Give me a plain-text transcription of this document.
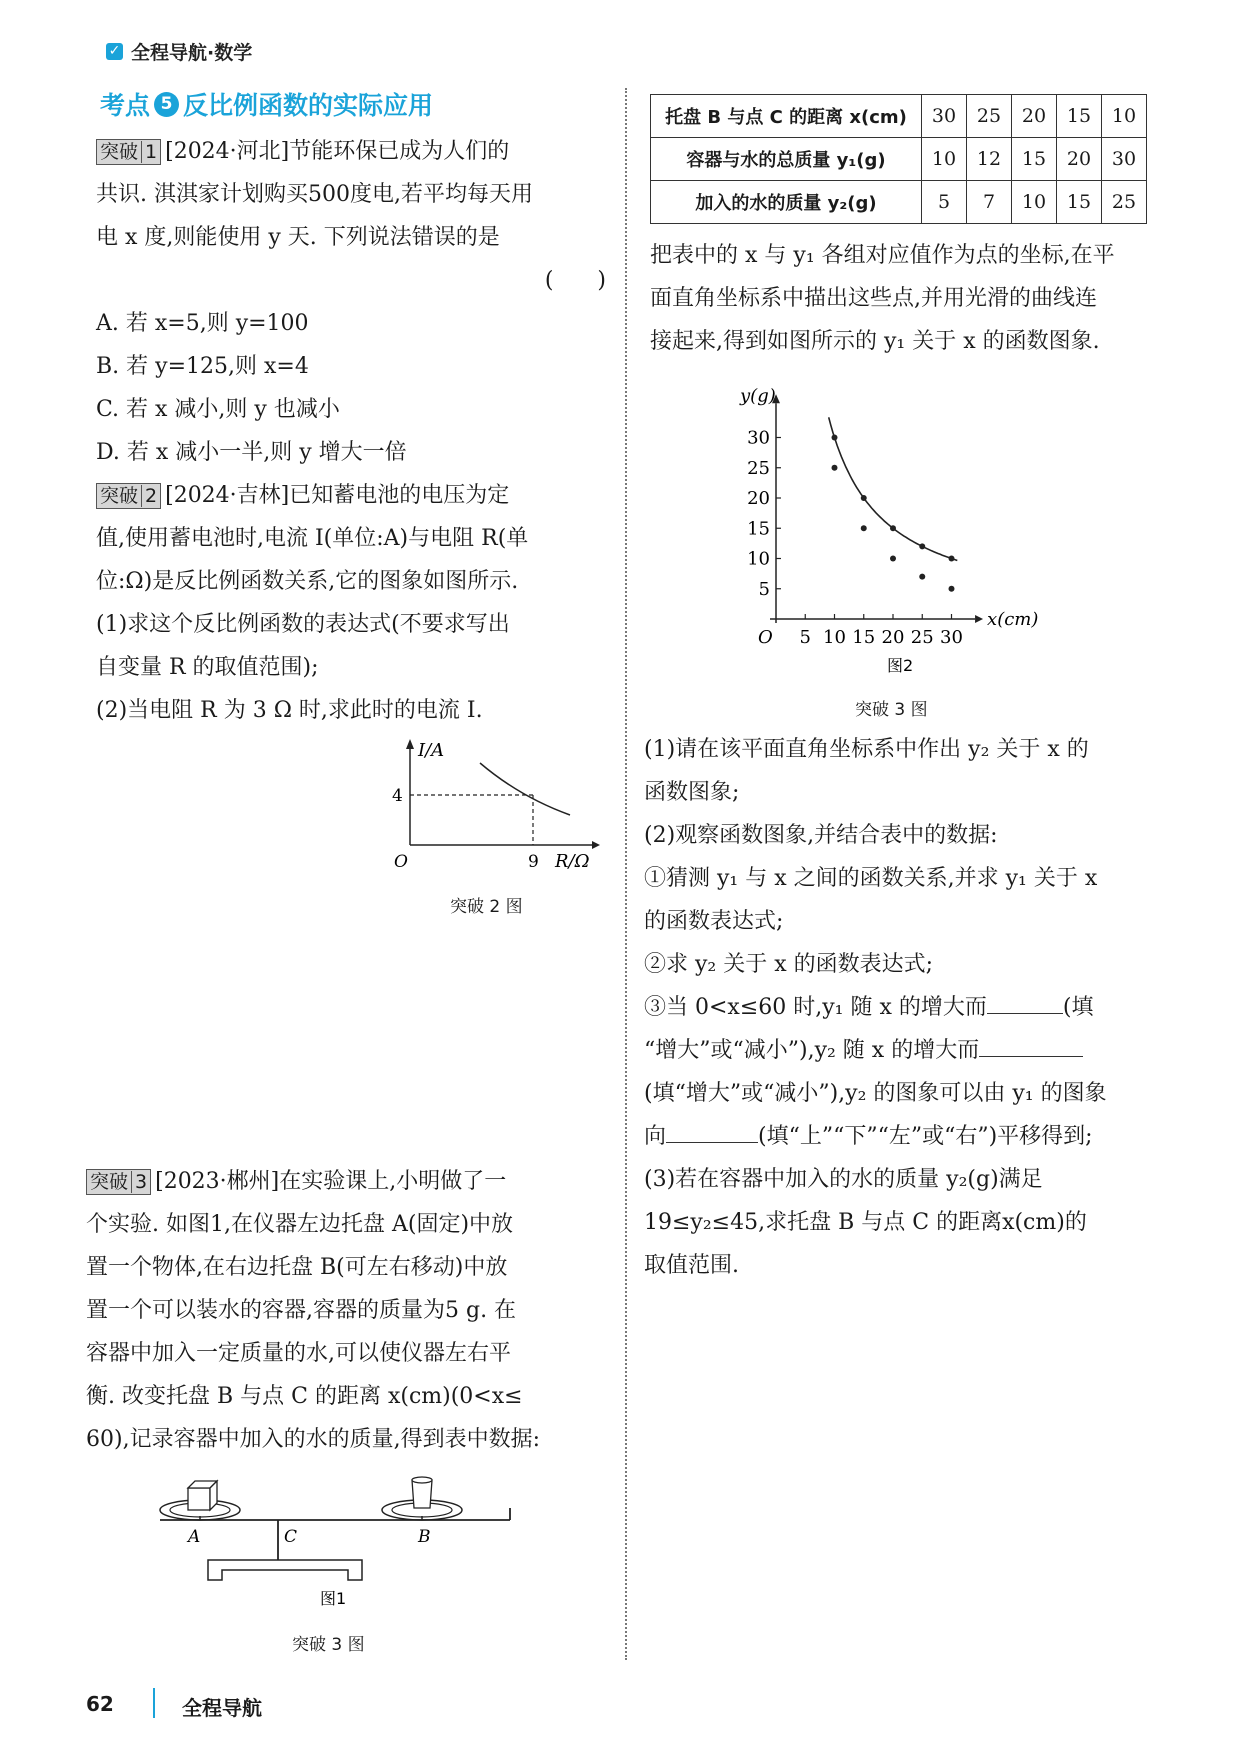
✓ 全程导航·数学
考点 5 反比例函数的实际应用

突破 1 [2024·河北]节能环保已成为人们的

共识. 淇淇家计划购买500度电,若平均每天用

电 x 度,则能使用 y 天. 下列说法错误的是

(　　)

A. 若 x=5,则 y=100

B. 若 y=125,则 x=4

C. 若 x 减小,则 y 也减小

D. 若 x 减小一半,则 y 增大一倍

突破 2 [2024·吉林]已知蓄电池的电压为定

值,使用蓄电池时,电流 I(单位:A)与电阻 R(单

位:Ω)是反比例函数关系,它的图象如图所示.

(1)求这个反比例函数的表达式(不要求写出

自变量 R 的取值范围);

(2)当电阻 R 为 3 Ω 时,求此时的电流 I.

I/A
4
O	9 R/Ω
突破 2 图

突破 3 [2023·郴州]在实验课上,小明做了一

个实验. 如图1,在仪器左边托盘 A(固定)中放

置一个物体,在右边托盘 B(可左右移动)中放

置一个可以装水的容器,容器的质量为5 g. 在

容器中加入一定质量的水,可以使仪器左右平

衡. 改变托盘 B 与点 C 的距离 x(cm)(0<x≤

60),记录容器中加入的水的质量,得到表中数据:

A	C	B
图1
突破 3 图
托盘 B 与点 C 的距离 x(cm)	30	25	20	15	10
容器与水的总质量 y₁(g)	10	12	15	20	30
加入的水的质量 y₂(g)	5	7	10	15	25

把表中的 x 与 y₁ 各组对应值作为点的坐标,在平

面直角坐标系中描出这些点,并用光滑的曲线连

接起来,得到如图所示的 y₁ 关于 x 的函数图象.

5 10 15 20 25 30
5
10
15
20
25
30
y(g)
x(cm)
O
图2
突破 3 图

(1)请在该平面直角坐标系中作出 y₂ 关于 x 的

函数图象;

(2)观察函数图象,并结合表中的数据:

①猜测 y₁ 与 x 之间的函数关系,并求 y₁ 关于 x

的函数表达式;

②求 y₂ 关于 x 的函数表达式;

③当 0<x≤60 时,y₁ 随 x 的增大而	(填

“增大”或“减小”),y₂ 随 x 的增大而

(填“增大”或“减小”),y₂ 的图象可以由 y₁ 的图象

向	(填“上”“下”“左”或“右”)平移得到;

(3)若在容器中加入的水的质量 y₂(g)满足

19≤y₂≤45,求托盘 B 与点 C 的距离x(cm)的

取值范围.

62	全程导航
